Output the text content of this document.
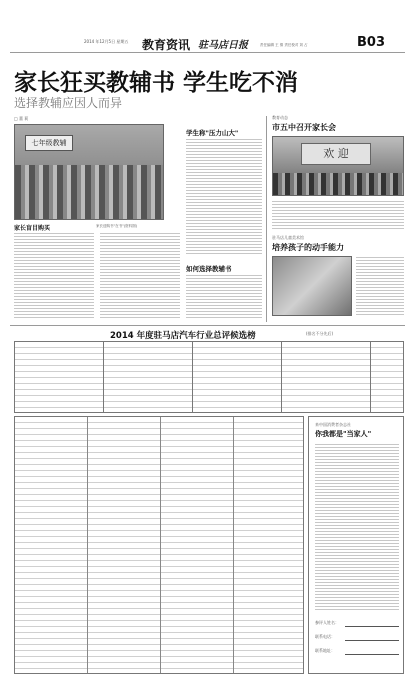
2014 年12月5日 星期五	教育资讯 驻马店日报	责任编辑 王 倩 责任校对 刘 占	B03
家长狂买教辅书 学生吃不消
选择教辅应因人而异
□ 董 莉
七年级教辅
家长选购书"在书"(资料图)
家长盲目购买
学生称"压力山大"
如何选择教辅书
教育动态
市五中召开家长会
欢 迎
驻马店儿童美术馆
培养孩子的动手能力
2014 年度驻马店汽车行业总评候选榜	(排名不分先后)
来中国消费者杂志社
你我都是"当家人"
参评人姓名：
联系电话：
联系地址：
